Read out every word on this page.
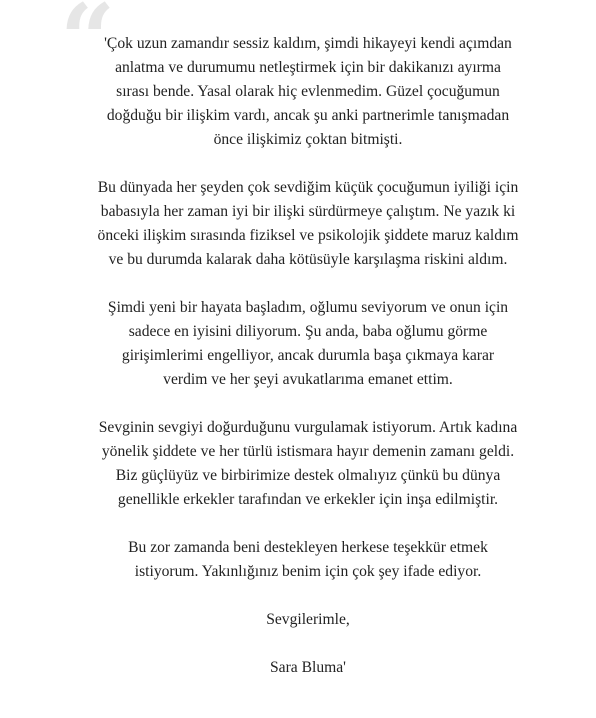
“

'Çok uzun zamandır sessiz kaldım, şimdi hikayeyi kendi açımdan
anlatma ve durumumu netleştirmek için bir dakikanızı ayırma
sırası bende. Yasal olarak hiç evlenmedim. Güzel çocuğumun
doğduğu bir ilişkim vardı, ancak şu anki partnerimle tanışmadan
önce ilişkimiz çoktan bitmişti.

Bu dünyada her şeyden çok sevdiğim küçük çocuğumun iyiliği için
babasıyla her zaman iyi bir ilişki sürdürmeye çalıştım. Ne yazık ki
önceki ilişkim sırasında fiziksel ve psikolojik şiddete maruz kaldım
ve bu durumda kalarak daha kötüsüyle karşılaşma riskini aldım.

Şimdi yeni bir hayata başladım, oğlumu seviyorum ve onun için
sadece en iyisini diliyorum. Şu anda, baba oğlumu görme
girişimlerimi engelliyor, ancak durumla başa çıkmaya karar
verdim ve her şeyi avukatlarıma emanet ettim.

Sevginin sevgiyi doğurduğunu vurgulamak istiyorum. Artık kadına
yönelik şiddete ve her türlü istismara hayır demenin zamanı geldi.
Biz güçlüyüz ve birbirimize destek olmalıyız çünkü bu dünya
genellikle erkekler tarafından ve erkekler için inşa edilmiştir.

Bu zor zamanda beni destekleyen herkese teşekkür etmek
istiyorum. Yakınlığınız benim için çok şey ifade ediyor.

Sevgilerimle,

Sara Bluma'
